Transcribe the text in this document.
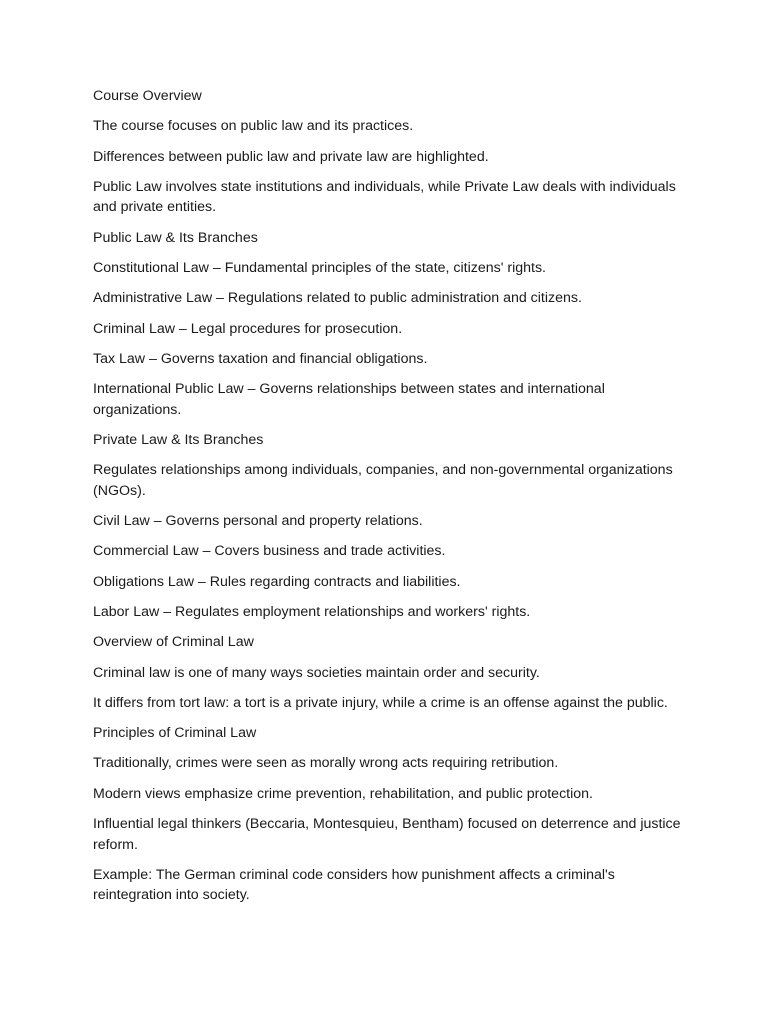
Course Overview

The course focuses on public law and its practices.

Differences between public law and private law are highlighted.

Public Law involves state institutions and individuals, while Private Law deals with individuals and private entities.

Public Law & Its Branches

Constitutional Law – Fundamental principles of the state, citizens' rights.

Administrative Law – Regulations related to public administration and citizens.

Criminal Law – Legal procedures for prosecution.

Tax Law – Governs taxation and financial obligations.

International Public Law – Governs relationships between states and international organizations.

Private Law & Its Branches

Regulates relationships among individuals, companies, and non-governmental organizations (NGOs).

Civil Law – Governs personal and property relations.

Commercial Law – Covers business and trade activities.

Obligations Law – Rules regarding contracts and liabilities.

Labor Law – Regulates employment relationships and workers' rights.

Overview of Criminal Law

Criminal law is one of many ways societies maintain order and security.

It differs from tort law: a tort is a private injury, while a crime is an offense against the public.

Principles of Criminal Law

Traditionally, crimes were seen as morally wrong acts requiring retribution.

Modern views emphasize crime prevention, rehabilitation, and public protection.

Influential legal thinkers (Beccaria, Montesquieu, Bentham) focused on deterrence and justice reform.

Example: The German criminal code considers how punishment affects a criminal's reintegration into society.
